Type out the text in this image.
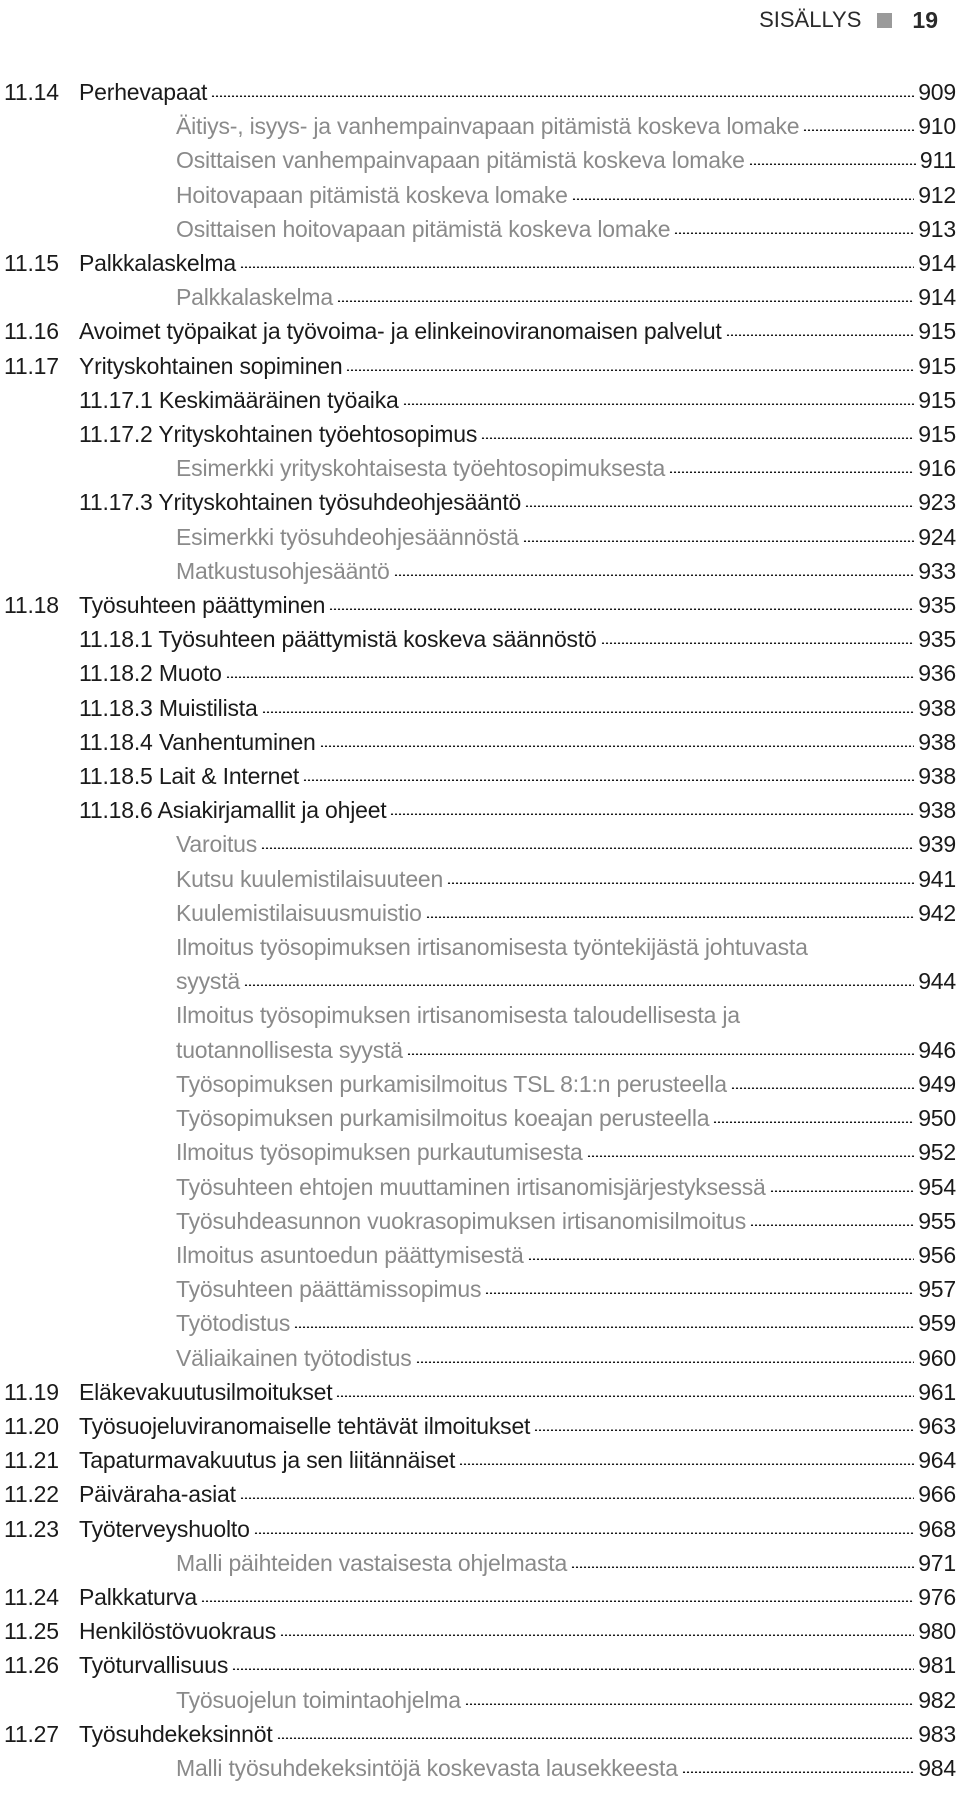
SISÄLLYS 19
11.14 Perhevapaat	909
Äitiys-, isyys- ja vanhempainvapaan pitämistä koskeva lomake	910
Osittaisen vanhempainvapaan pitämistä koskeva lomake	911
Hoitovapaan pitämistä koskeva lomake	912
Osittaisen hoitovapaan pitämistä koskeva lomake	913
11.15 Palkkalaskelma	914
Palkkalaskelma	914
11.16 Avoimet työpaikat ja työvoima- ja elinkeinoviranomaisen palvelut	915
11.17 Yrityskohtainen sopiminen	915
11.17.1 Keskimääräinen työaika	915
11.17.2 Yrityskohtainen työehtosopimus	915
Esimerkki yrityskohtaisesta työehtosopimuksesta	916
11.17.3 Yrityskohtainen työsuhdeohjesääntö	923
Esimerkki työsuhdeohjesäännöstä	924
Matkustusohjesääntö	933
11.18 Työsuhteen päättyminen	935
11.18.1 Työsuhteen päättymistä koskeva säännöstö	935
11.18.2 Muoto	936
11.18.3 Muistilista	938
11.18.4 Vanhentuminen	938
11.18.5 Lait & Internet	938
11.18.6 Asiakirjamallit ja ohjeet	938
Varoitus	939
Kutsu kuulemistilaisuuteen	941
Kuulemistilaisuusmuistio	942
Ilmoitus työsopimuksen irtisanomisesta työntekijästä johtuvasta
syystä	944
Ilmoitus työsopimuksen irtisanomisesta taloudellisesta ja
tuotannollisesta syystä	946
Työsopimuksen purkamisilmoitus TSL 8:1:n perusteella	949
Työsopimuksen purkamisilmoitus koeajan perusteella	950
Ilmoitus työsopimuksen purkautumisesta	952
Työsuhteen ehtojen muuttaminen irtisanomisjärjestyksessä	954
Työsuhdeasunnon vuokrasopimuksen irtisanomisilmoitus	955
Ilmoitus asuntoedun päättymisestä	956
Työsuhteen päättämissopimus	957
Työtodistus	959
Väliaikainen työtodistus	960
11.19 Eläkevakuutusilmoitukset	961
11.20 Työsuojeluviranomaiselle tehtävät ilmoitukset	963
11.21 Tapaturmavakuutus ja sen liitännäiset	964
11.22 Päiväraha-asiat	966
11.23 Työterveyshuolto	968
Malli päihteiden vastaisesta ohjelmasta	971
11.24 Palkkaturva	976
11.25 Henkilöstövuokraus	980
11.26 Työturvallisuus	981
Työsuojelun toimintaohjelma	982
11.27 Työsuhdekeksinnöt	983
Malli työsuhdekeksintöjä koskevasta lausekkeesta	984
